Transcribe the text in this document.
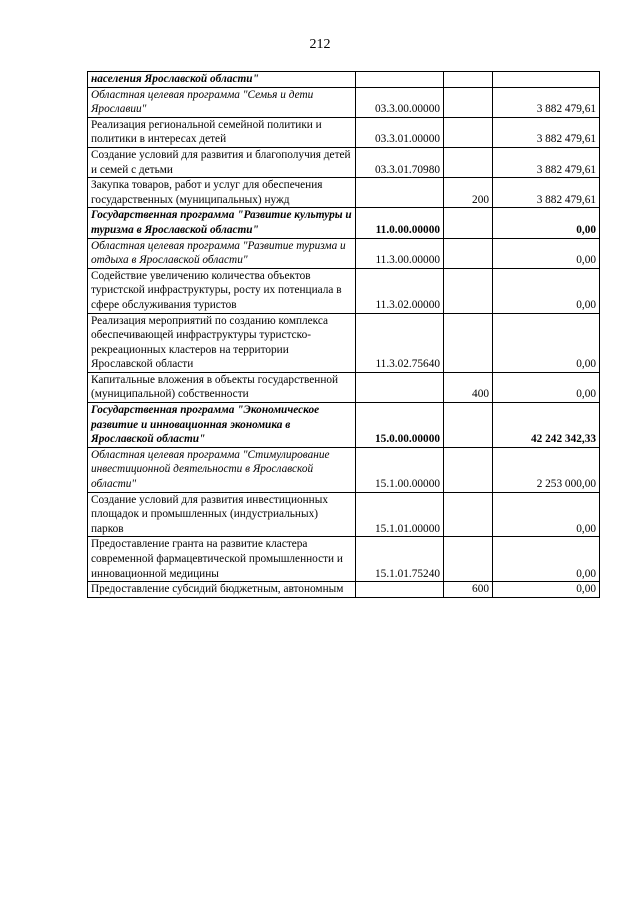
212
населения Ярославской области"			
Областная целевая программа "Семья и дети Ярославии"	03.3.00.00000		3 882 479,61
Реализация региональной семейной политики и политики в интересах детей	03.3.01.00000		3 882 479,61
Создание условий для развития и благополучия детей и семей с детьми	03.3.01.70980		3 882 479,61
Закупка товаров, работ и услуг для обеспечения государственных (муниципальных) нужд		200	3 882 479,61
Государственная программа "Развитие культуры и туризма в Ярославской области"	11.0.00.00000		0,00
Областная целевая программа "Развитие туризма и отдыха в Ярославской области"	11.3.00.00000		0,00
Содействие увеличению количества объектов туристской инфраструктуры, росту их потенциала в сфере обслуживания туристов	11.3.02.00000		0,00
Реализация мероприятий по созданию комплекса обеспечивающей инфраструктуры туристско-рекреационных кластеров на территории Ярославской области	11.3.02.75640		0,00
Капитальные вложения в объекты государственной (муниципальной) собственности		400	0,00
Государственная программа "Экономическое развитие и инновационная экономика в Ярославской области"	15.0.00.00000		42 242 342,33
Областная целевая программа "Стимулирование инвестиционной деятельности в Ярославской области"	15.1.00.00000		2 253 000,00
Создание условий для развития инвестиционных площадок и промышленных (индустриальных) парков	15.1.01.00000		0,00
Предоставление гранта на развитие кластера современной фармацевтической промышленности и инновационной медицины	15.1.01.75240		0,00
Предоставление субсидий бюджетным, автономным		600	0,00
